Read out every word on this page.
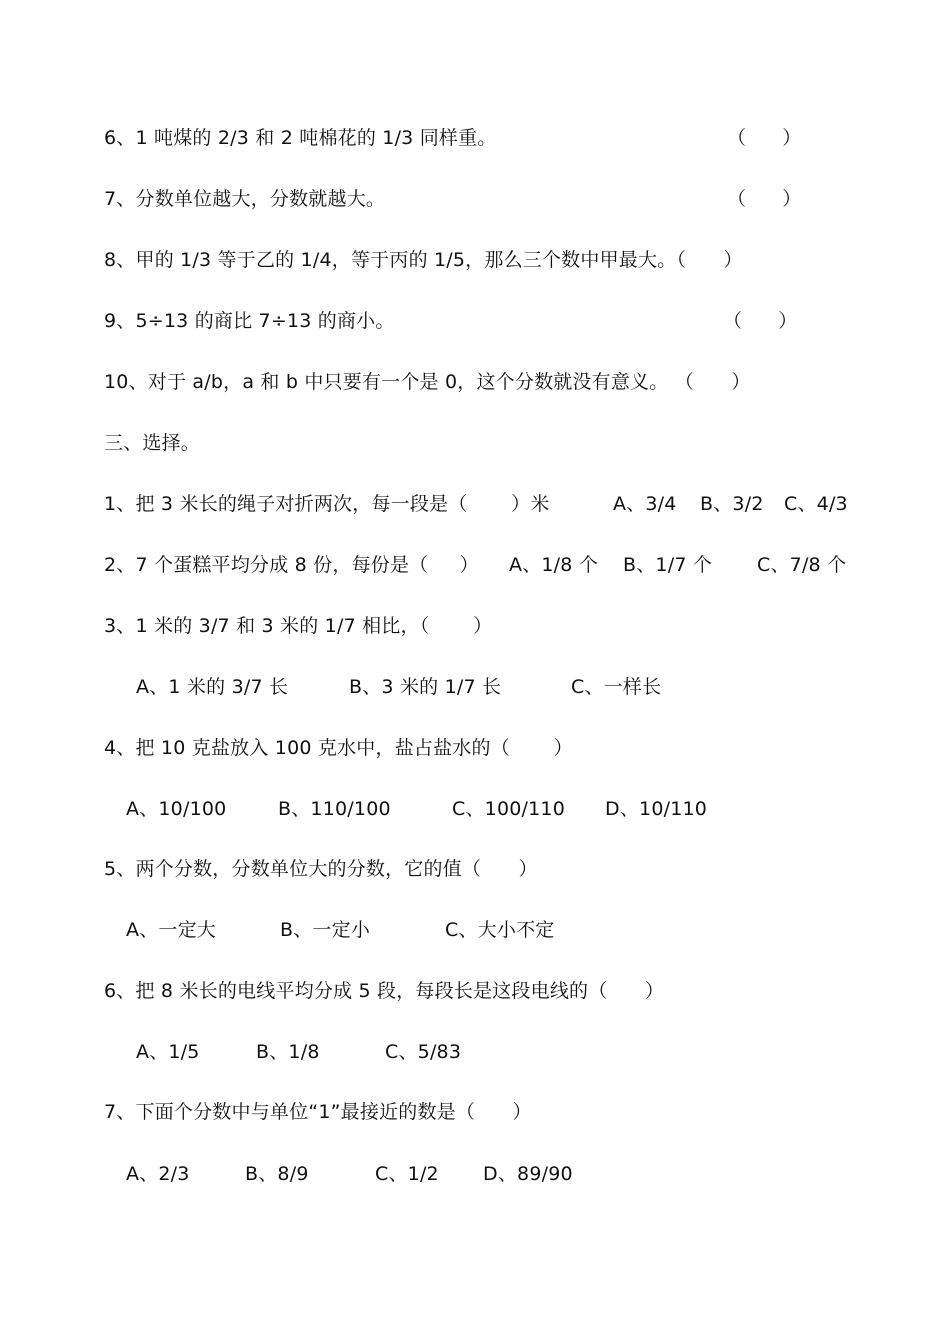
6、1 吨煤的 2/3 和 2 吨棉花的 1/3 同样重。	（      ）
7、分数单位越大，分数就越大。	（      ）
8、甲的 1/3 等于乙的 1/4，等于丙的 1/5，那么三个数中甲最大。（      ）
9、5÷13 的商比 7÷13 的商小。	（      ）
10、对于 a/b，a 和 b 中只要有一个是 0，这个分数就没有意义。 （      ）
三、选择。
1、把 3 米长的绳子对折两次，每一段是（       ）米	A、3/4 B、3/2 C、4/3
2、7 个蛋糕平均分成 8 份，每份是（     ） A、1/8 个 B、1/7 个 C、7/8 个
3、1 米的 3/7 和 3 米的 1/7 相比，（       ）
A、1 米的 3/7 长	B、3 米的 1/7 长	C、一样长
4、把 10 克盐放入 100 克水中，盐占盐水的（       ）
A、10/100	B、110/100	C、100/110 D、10/110
5、两个分数，分数单位大的分数，它的值（      ）
A、一定大	B、一定小	C、大小不定
6、把 8 米长的电线平均分成 5 段，每段长是这段电线的（      ）
A、1/5	B、1/8	C、5/83
7、下面个分数中与单位“1”最接近的数是（      ）
A、2/3	B、8/9	C、1/2 D、89/90
